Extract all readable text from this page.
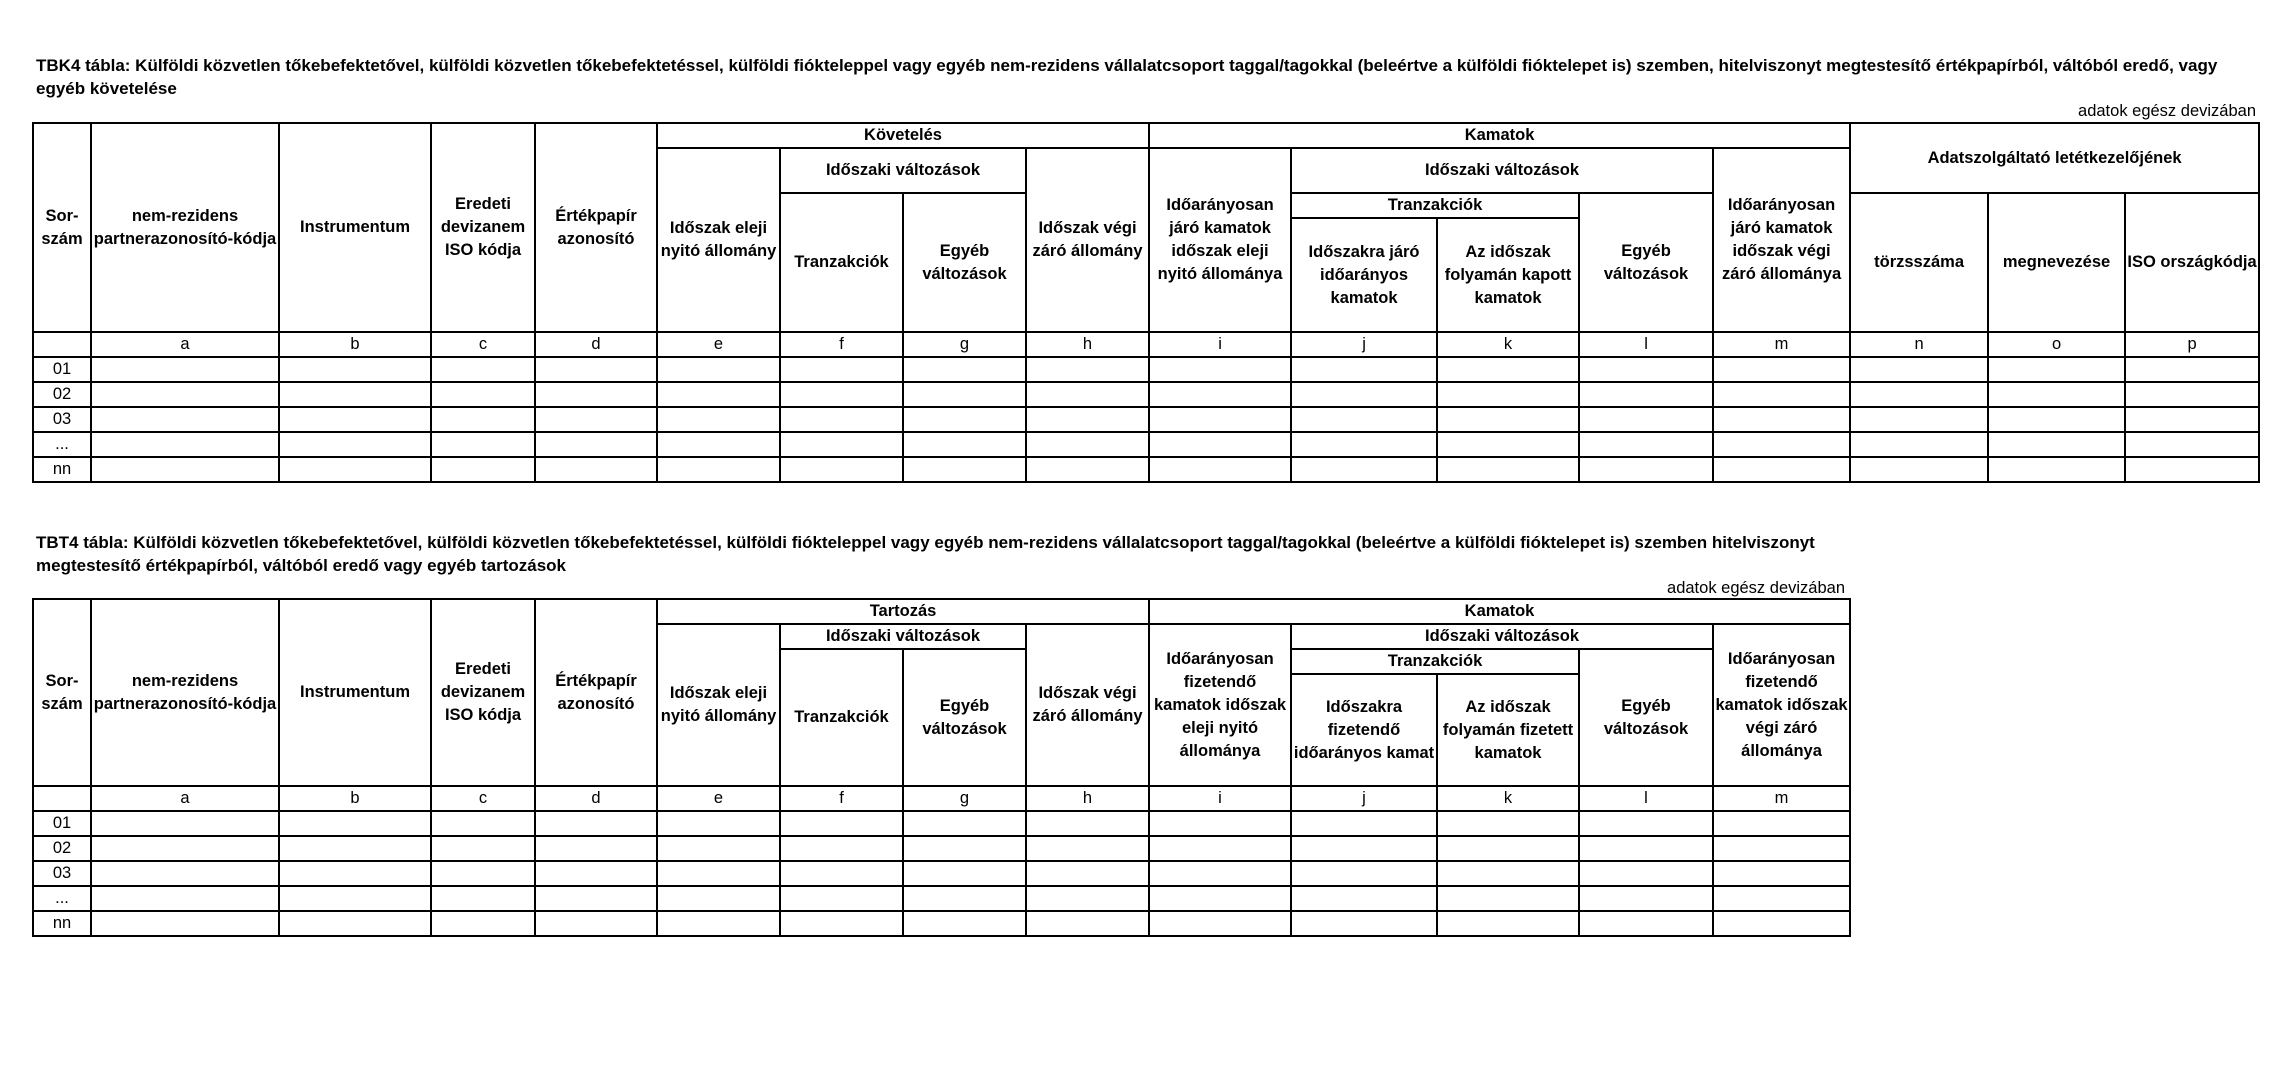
TBK4 tábla: Külföldi közvetlen tőkebefektetővel, külföldi közvetlen tőkebefektetéssel, külföldi fiókteleppel vagy egyéb nem-rezidens vállalatcsoport taggal/tagokkal (beleértve a külföldi fióktelepet is) szemben, hitelviszonyt megtestesítő értékpapírból, váltóból eredő, vagy egyéb követelése
adatok egész devizában
Sor-szám	nem-rezidens partnerazonosító-kódja	Instrumentum	Eredeti devizanem ISO kódja	Értékpapír azonosító	Követelés				Kamatok					Adatszolgáltató letétkezelőjének		
					Időszak eleji nyitó állomány	Időszaki változások		Időszak végi záró állomány	Időarányosan járó kamatok időszak eleji nyitó állománya	Időszaki változások			Időarányosan járó kamatok időszak végi záró állománya			
						Tranzakciók	Egyéb változások			Tranzakciók		Egyéb változások		törzsszáma	megnevezése	ISO országkódja
										Időszakra járó időarányos kamatok	Az időszak folyamán kapott kamatok					
	a	b	c	d	e	f	g	h	i	j	k	l	m	n	o	p
01																
02																
03																
...																
nn																
TBT4 tábla: Külföldi közvetlen tőkebefektetővel, külföldi közvetlen tőkebefektetéssel, külföldi fiókteleppel vagy egyéb nem-rezidens vállalatcsoport taggal/tagokkal (beleértve a külföldi fióktelepet is) szemben hitelviszonyt megtestesítő értékpapírból, váltóból eredő vagy egyéb tartozások
adatok egész devizában
Sor-szám	nem-rezidens partnerazonosító-kódja	Instrumentum	Eredeti devizanem ISO kódja	Értékpapír azonosító	Tartozás				Kamatok				
					Időszak eleji nyitó állomány	Időszaki változások		Időszak végi záró állomány	Időarányosan fizetendő kamatok időszak eleji nyitó állománya	Időszaki változások			Időarányosan fizetendő kamatok időszak végi záró állománya
						Tranzakciók	Egyéb változások			Tranzakciók		Egyéb változások	
										Időszakra fizetendő időarányos kamat	Az időszak folyamán fizetett kamatok		
	a	b	c	d	e	f	g	h	i	j	k	l	m
01													
02													
03													
...													
nn													
